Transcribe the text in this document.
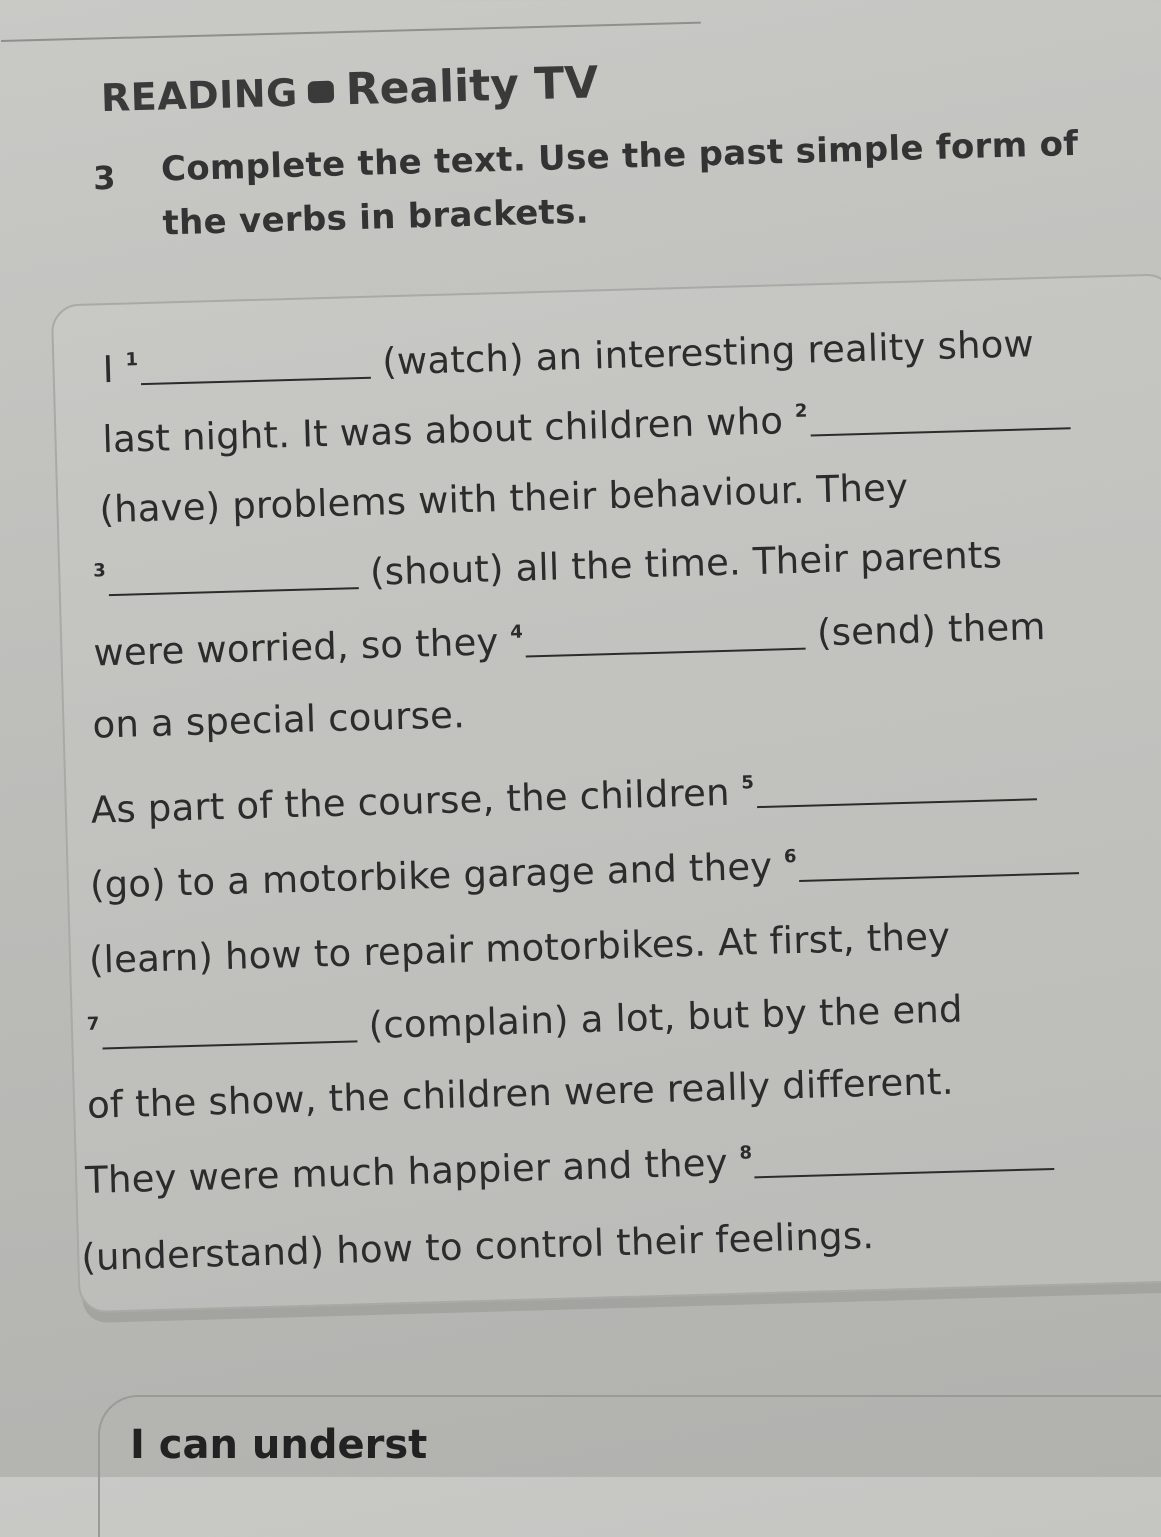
READING Reality TV
3 Complete the text. Use the past simple form of
the verbs in brackets.
I $^1$	(watch) an interesting reality show
last night. It was about children who $^2$
(have) problems with their behaviour. They
$^3$	(shout) all the time. Their parents
were worried, so they $^4$	(send) them
on a special course.
As part of the course, the children $^5$
(go) to a motorbike garage and they $^6$
(learn) how to repair motorbikes. At first, they
$^7$	(complain) a lot, but by the end
of the show, the children were really different.
They were much happier and they $^8$
(understand) how to control their feelings.
I can underst
